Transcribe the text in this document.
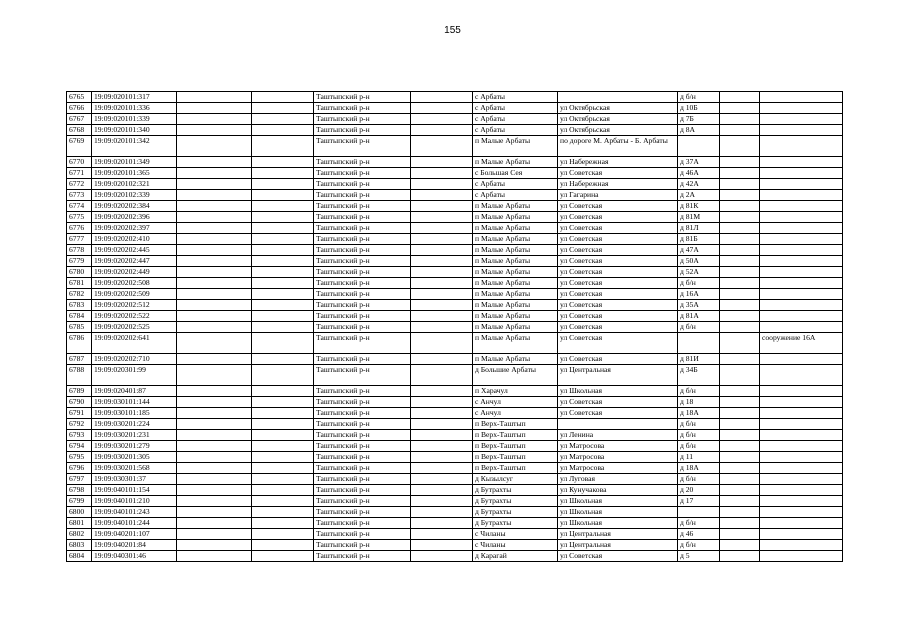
155
6765	19:09:020101:317			Таштыпский р-н		с Арбаты		д б/н		
6766	19:09:020101:336			Таштыпский р-н		с Арбаты	ул Октябрьская	д 10Б		
6767	19:09:020101:339			Таштыпский р-н		с Арбаты	ул Октябрьская	д 7Б		
6768	19:09:020101:340			Таштыпский р-н		с Арбаты	ул Октябрьская	д 8А		
6769	19:09:020101:342			Таштыпский р-н		п Малые Арбаты	по дороге М. Арбаты - Б. Арбаты			
6770	19:09:020101:349			Таштыпский р-н		п Малые Арбаты	ул Набережная	д 37А		
6771	19:09:020101:365			Таштыпский р-н		с Большая Сея	ул Советская	д 46А		
6772	19:09:020102:321			Таштыпский р-н		с Арбаты	ул Набережная	д 42А		
6773	19:09:020102:339			Таштыпский р-н		с Арбаты	ул Гагарина	д 2А		
6774	19:09:020202:384			Таштыпский р-н		п Малые Арбаты	ул Советская	д 81К		
6775	19:09:020202:396			Таштыпский р-н		п Малые Арбаты	ул Советская	д 81М		
6776	19:09:020202:397			Таштыпский р-н		п Малые Арбаты	ул Советская	д 81Л		
6777	19:09:020202:410			Таштыпский р-н		п Малые Арбаты	ул Советская	д 81Б		
6778	19:09:020202:445			Таштыпский р-н		п Малые Арбаты	ул Советская	д 47А		
6779	19:09:020202:447			Таштыпский р-н		п Малые Арбаты	ул Советская	д 50А		
6780	19:09:020202:449			Таштыпский р-н		п Малые Арбаты	ул Советская	д 52А		
6781	19:09:020202:508			Таштыпский р-н		п Малые Арбаты	ул Советская	д б/н		
6782	19:09:020202:509			Таштыпский р-н		п Малые Арбаты	ул Советская	д 16А		
6783	19:09:020202:512			Таштыпский р-н		п Малые Арбаты	ул Советская	д 35А		
6784	19:09:020202:522			Таштыпский р-н		п Малые Арбаты	ул Советская	д 81А		
6785	19:09:020202:525			Таштыпский р-н		п Малые Арбаты	ул Советская	д б/н		
6786	19:09:020202:641			Таштыпский р-н		п Малые Арбаты	ул Советская			сооружение 16А
6787	19:09:020202:710			Таштыпский р-н		п Малые Арбаты	ул Советская	д 81И		
6788	19:09:020301:99			Таштыпский р-н		д Большие Арбаты	ул Центральная	д 34Б		
6789	19:09:020401:87			Таштыпский р-н		п Харачул	ул Школьная	д б/н		
6790	19:09:030101:144			Таштыпский р-н		с Анчул	ул Советская	д 18		
6791	19:09:030101:185			Таштыпский р-н		с Анчул	ул Советская	д 18А		
6792	19:09:030201:224			Таштыпский р-н		п Верх-Таштып		д б/н		
6793	19:09:030201:231			Таштыпский р-н		п Верх-Таштып	ул Ленина	д б/н		
6794	19:09:030201:279			Таштыпский р-н		п Верх-Таштып	ул Матросова	д б/н		
6795	19:09:030201:305			Таштыпский р-н		п Верх-Таштып	ул Матросова	д 11		
6796	19:09:030201:568			Таштыпский р-н		п Верх-Таштып	ул Матросова	д 18А		
6797	19:09:030301:37			Таштыпский р-н		д Кызылсуг	ул Луговая	д б/н		
6798	19:09:040101:154			Таштыпский р-н		д Бутрахты	ул Кунучакова	д 20		
6799	19:09:040101:210			Таштыпский р-н		д Бутрахты	ул Школьная	д 17		
6800	19:09:040101:243			Таштыпский р-н		д Бутрахты	ул Школьная			
6801	19:09:040101:244			Таштыпский р-н		д Бутрахты	ул Школьная	д б/н		
6802	19:09:040201:107			Таштыпский р-н		с Чиланы	ул Центральная	д 46		
6803	19:09:040201:84			Таштыпский р-н		с Чиланы	ул Центральная	д б/н		
6804	19:09:040301:46			Таштыпский р-н		д Карагай	ул Советская	д 5		
